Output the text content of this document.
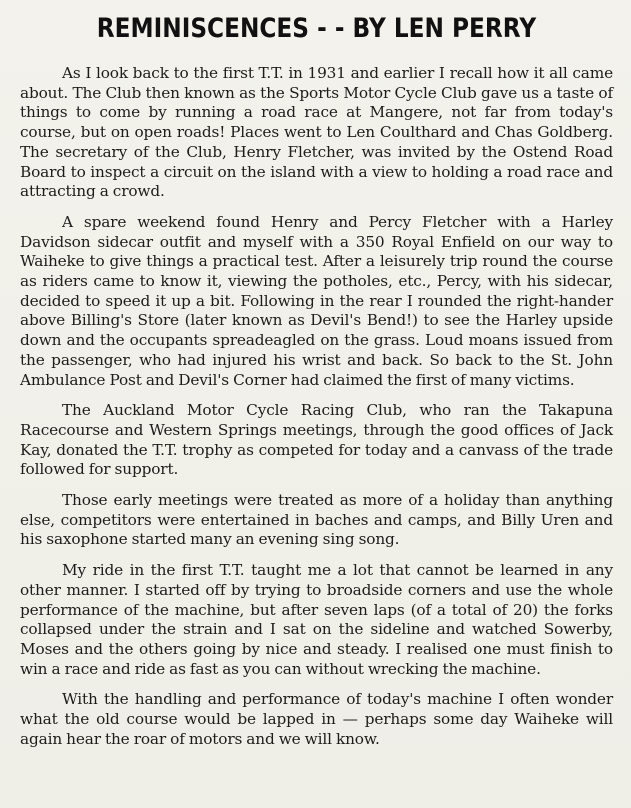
REMINISCENCES - - BY LEN PERRY

As I look back to the first T.T. in 1931 and earlier I recall how it all came about. The Club then known as the Sports Motor Cycle Club gave us a taste of things to come by running a road race at Mangere, not far from today's course, but on open roads! Places went to Len Coulthard and Chas Goldberg. The secretary of the Club, Henry Fletcher, was invited by the Ostend Road Board to inspect a circuit on the island with a view to holding a road race and attracting a crowd.

A spare weekend found Henry and Percy Fletcher with a Harley Davidson sidecar outfit and myself with a 350 Royal Enfield on our way to Waiheke to give things a practical test. After a leisurely trip round the course as riders came to know it, viewing the potholes, etc., Percy, with his sidecar, decided to speed it up a bit. Following in the rear I rounded the right-hander above Billing's Store (later known as Devil's Bend!) to see the Harley upside down and the occupants spreadeagled on the grass. Loud moans issued from the passenger, who had injured his wrist and back. So back to the St. John Ambulance Post and Devil's Corner had claimed the first of many victims.

The Auckland Motor Cycle Racing Club, who ran the Takapuna Racecourse and Western Springs meetings, through the good offices of Jack Kay, donated the T.T. trophy as competed for today and a canvass of the trade followed for support.

Those early meetings were treated as more of a holiday than anything else, competitors were entertained in baches and camps, and Billy Uren and his saxophone started many an evening sing song.

My ride in the first T.T. taught me a lot that cannot be learned in any other manner. I started off by trying to broadside corners and use the whole performance of the machine, but after seven laps (of a total of 20) the forks collapsed under the strain and I sat on the sideline and watched Sowerby, Moses and the others going by nice and steady. I realised one must finish to win a race and ride as fast as you can without wrecking the machine.

With the handling and performance of today's machine I often wonder what the old course would be lapped in — perhaps some day Waiheke will again hear the roar of motors and we will know.
